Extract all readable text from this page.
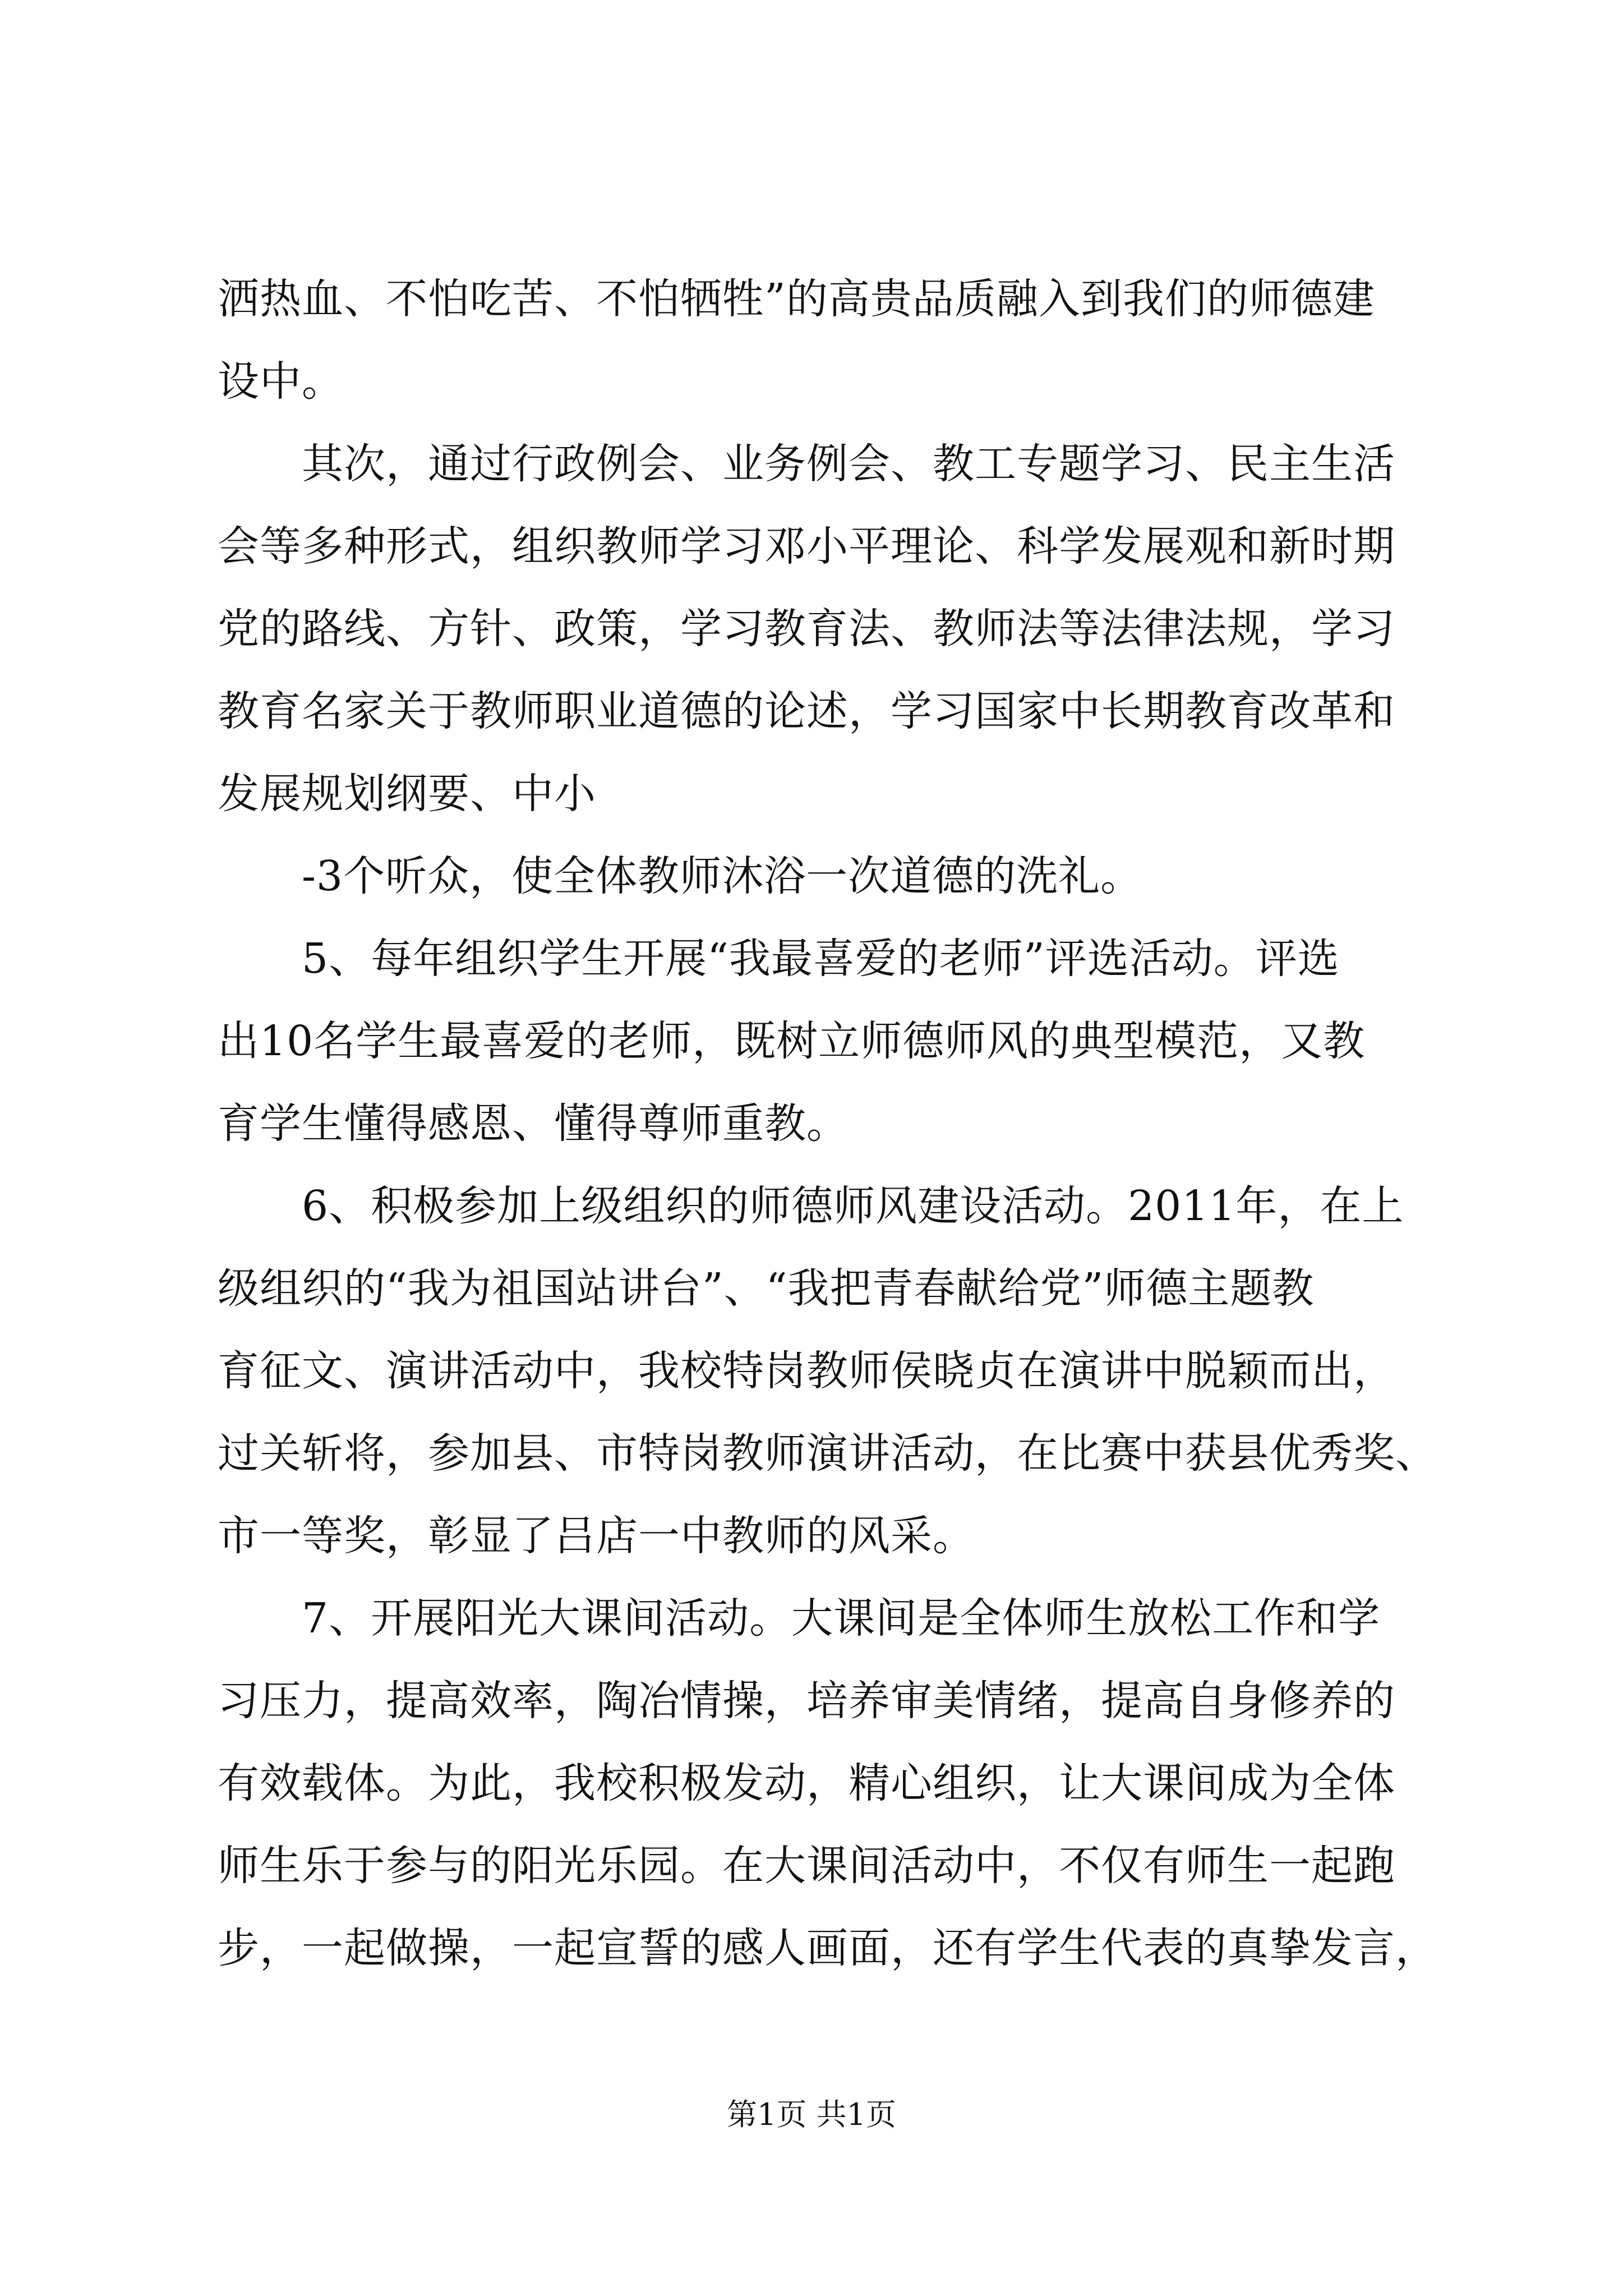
洒热血、不怕吃苦、不怕牺牲”的高贵品质融入到我们的师德建
设中。
其次，通过行政例会、业务例会、教工专题学习、民主生活
会等多种形式，组织教师学习邓小平理论、科学发展观和新时期
党的路线、方针、政策，学习教育法、教师法等法律法规，学习
教育名家关于教师职业道德的论述，学习国家中长期教育改革和
发展规划纲要、中小
-3个听众，使全体教师沐浴一次道德的洗礼。
5、每年组织学生开展“我最喜爱的老师”评选活动。评选
出10名学生最喜爱的老师，既树立师德师风的典型模范，又教
育学生懂得感恩、懂得尊师重教。
6、积极参加上级组织的师德师风建设活动。2011年，在上
级组织的“我为祖国站讲台”、“我把青春献给党”师德主题教
育征文、演讲活动中，我校特岗教师侯晓贞在演讲中脱颖而出，
过关斩将，参加县、市特岗教师演讲活动，在比赛中获县优秀奖、
市一等奖，彰显了吕店一中教师的风采。
7、开展阳光大课间活动。大课间是全体师生放松工作和学
习压力，提高效率，陶冶情操，培养审美情绪，提高自身修养的
有效载体。为此，我校积极发动，精心组织，让大课间成为全体
师生乐于参与的阳光乐园。在大课间活动中，不仅有师生一起跑
步，一起做操，一起宣誓的感人画面，还有学生代表的真挚发言，
第1页 共1页
